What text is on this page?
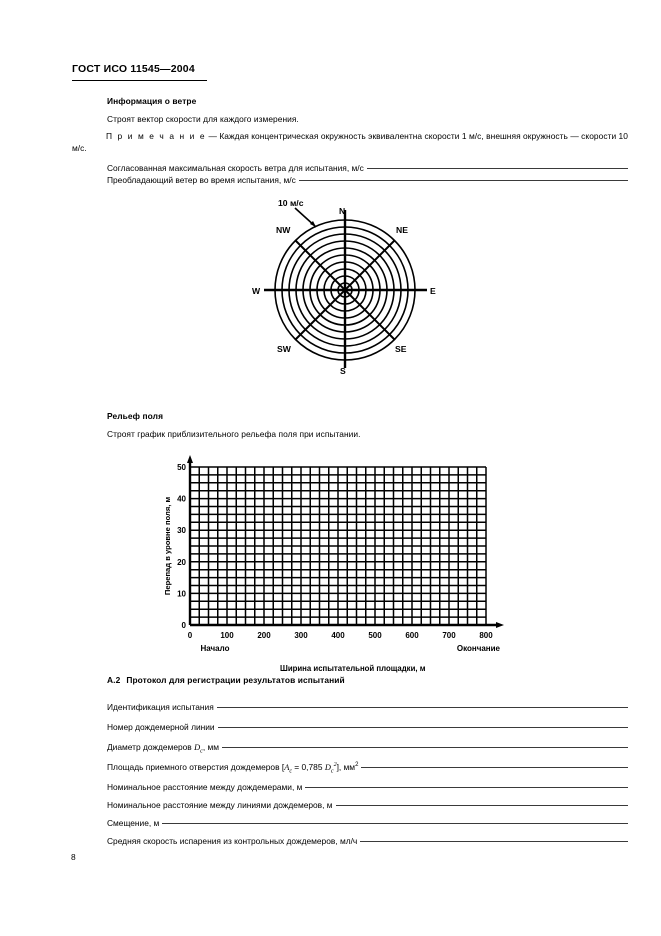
ГОСТ ИСО 11545—2004
Информация о ветре
Строят вектор скорости для каждого измерения.
П р и м е ч а н и е — Каждая концентрическая окружность эквивалентна скорости 1 м/с, внешняя окружность — скорости 10 м/с.
Согласованная максимальная скорость ветра для испытания, м/с
Преобладающий ветер во время испытания, м/с
10 м/с
N
NE
E
SE
S
SW
W
NW
Рельеф поля
Строят график приблизительного рельефа поля при испытании.
50
40
30
20
10
0
0	100	200	300	400	500	600	700	800
Начало	Окончание
Перепад в уровне поля, м
Ширина испытательной площадки, м
А.2 Протокол для регистрации результатов испытаний
Идентификация испытания
Номер дождемерной линии
Диаметр дождемеров $D_с$, мм
Площадь приемного отверстия дождемеров [$A_с = 0,785$ $D_с^2$], $мм^2$
Номинальное расстояние между дождемерами, м
Номинальное расстояние между линиями дождемеров, м
Смещение, м
Средняя скорость испарения из контрольных дождемеров, мл/ч
8
